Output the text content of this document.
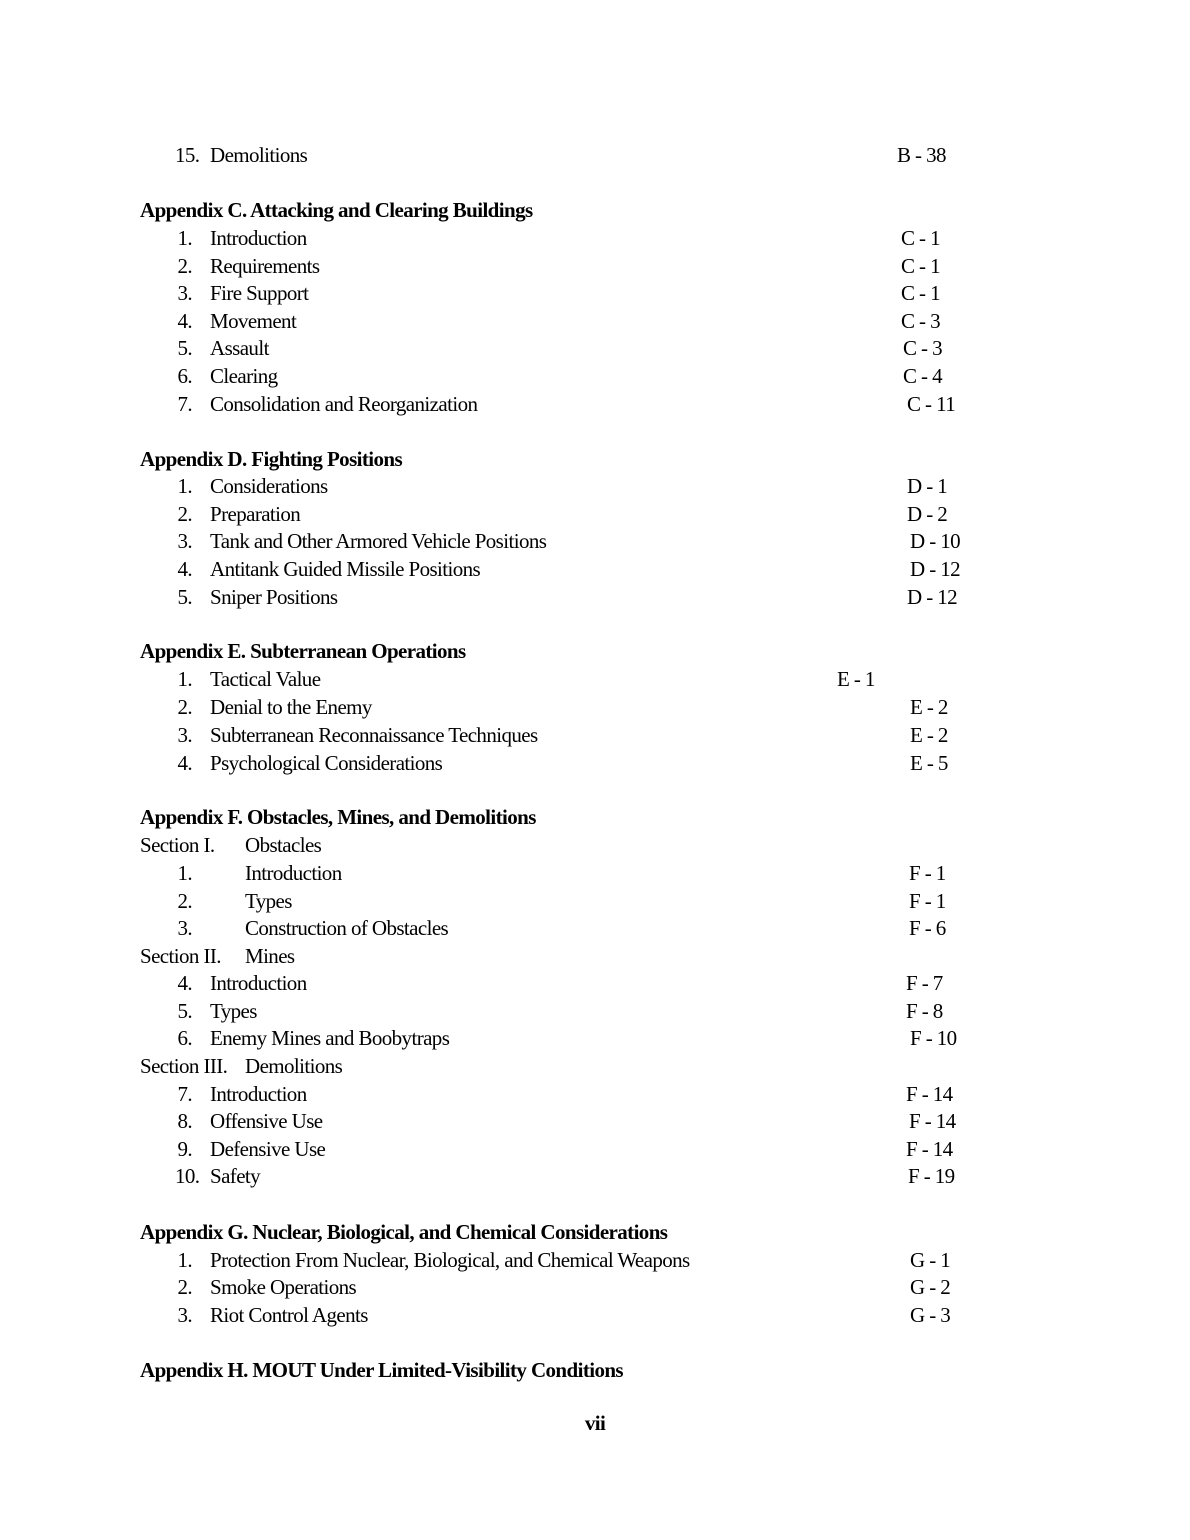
15. Demolitions	B - 38
Appendix C. Attacking and Clearing Buildings
1. Introduction	C - 1
2. Requirements	C - 1
3. Fire Support	C - 1
4. Movement	C - 3
5. Assault	C - 3
6. Clearing	C - 4
7. Consolidation and Reorganization	C - 11
Appendix D. Fighting Positions
1. Considerations	D - 1
2. Preparation	D - 2
3. Tank and Other Armored Vehicle Positions	D - 10
4. Antitank Guided Missile Positions	D - 12
5. Sniper Positions	D - 12
Appendix E. Subterranean Operations
1. Tactical Value	E - 1
2. Denial to the Enemy	E - 2
3. Subterranean Reconnaissance Techniques	E - 2
4. Psychological Considerations	E - 5
Appendix F. Obstacles, Mines, and Demolitions
Section I. Obstacles
1.	Introduction	F - 1
2.	Types	F - 1
3.	Construction of Obstacles	F - 6
Section II. Mines
4. Introduction	F - 7
5. Types	F - 8
6. Enemy Mines and Boobytraps	F - 10
Section III. Demolitions
7. Introduction	F - 14
8. Offensive Use	F - 14
9. Defensive Use	F - 14
10. Safety	F - 19
Appendix G. Nuclear, Biological, and Chemical Considerations
1. Protection From Nuclear, Biological, and Chemical Weapons	G - 1
2. Smoke Operations	G - 2
3. Riot Control Agents	G - 3
Appendix H. MOUT Under Limited-Visibility Conditions
vii
